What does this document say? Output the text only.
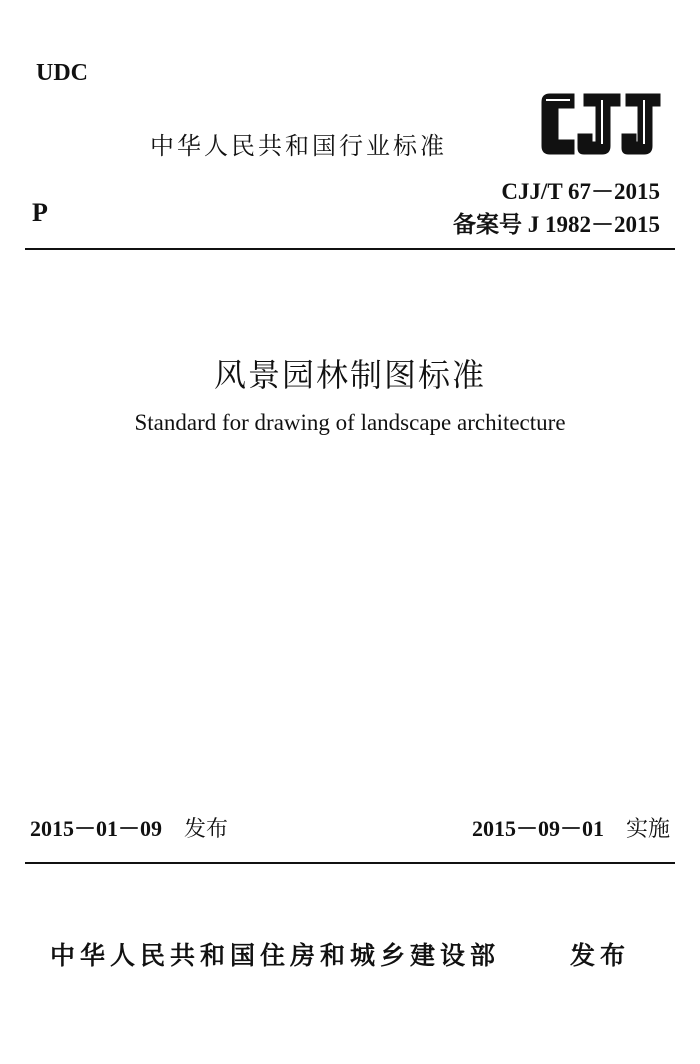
UDC
中华人民共和国行业标准
CJJ
P
CJJ/T 67－2015
备案号 J 1982－2015
风景园林制图标准
Standard for drawing of landscape architecture
2015－01－09 发布	2015－09－01 实施
中华人民共和国住房和城乡建设部	发布
